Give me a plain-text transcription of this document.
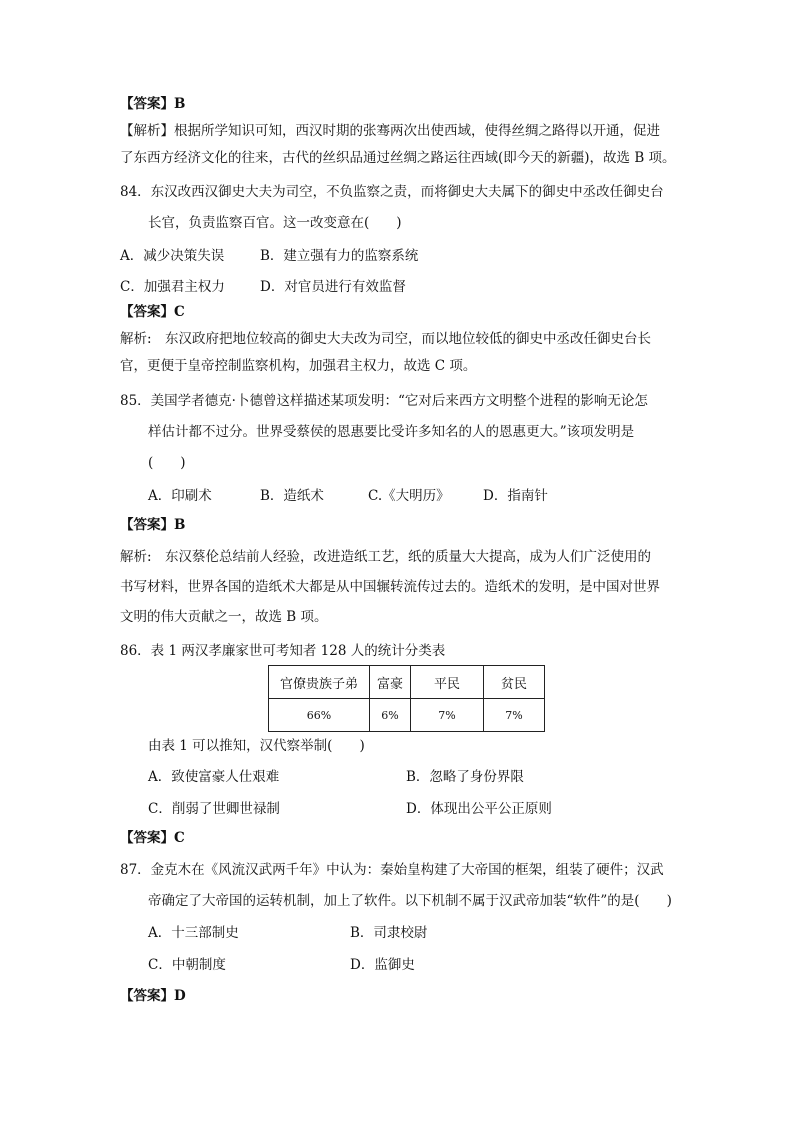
【答案】B
【解析】根据所学知识可知，西汉时期的张骞两次出使西域，使得丝绸之路得以开通，促进
了东西方经济文化的往来，古代的丝织品通过丝绸之路运往西域(即今天的新疆)，故选 B 项。
84．东汉改西汉御史大夫为司空，不负监察之责，而将御史大夫属下的御史中丞改任御史台
长官，负责监察百官。这一改变意在(　　)
A．减少决策失误	B．建立强有力的监察系统
C．加强君主权力	D．对官员进行有效监督
【答案】C
解析:　东汉政府把地位较高的御史大夫改为司空，而以地位较低的御史中丞改任御史台长
官，更便于皇帝控制监察机构，加强君主权力，故选 C 项。
85．美国学者德克·卜德曾这样描述某项发明：“它对后来西方文明整个进程的影响无论怎
样估计都不过分。世界受蔡侯的恩惠要比受许多知名的人的恩惠更大。”该项发明是
(　　)
A．印刷术	B．造纸术	C.《大明历》 D．指南针
【答案】B
解析:　东汉蔡伦总结前人经验，改进造纸工艺，纸的质量大大提高，成为人们广泛使用的
书写材料，世界各国的造纸术大都是从中国辗转流传过去的。造纸术的发明，是中国对世界
文明的伟大贡献之一，故选 B 项。
86．表 1 两汉孝廉家世可考知者 128 人的统计分类表
官僚贵族子弟	富豪	平民	贫民
66%	6%	7%	7%
由表 1 可以推知，汉代察举制(　　)
A．致使富豪人仕艰难	B．忽略了身份界限
C．削弱了世卿世禄制	D．体现出公平公正原则
【答案】C
87．金克木在《风流汉武两千年》中认为：秦始皇构建了大帝国的框架，组装了硬件；汉武
帝确定了大帝国的运转机制，加上了软件。以下机制不属于汉武帝加装“软件”的是(　　)
A．十三部制史	B．司隶校尉
C．中朝制度	D．监御史
【答案】D
